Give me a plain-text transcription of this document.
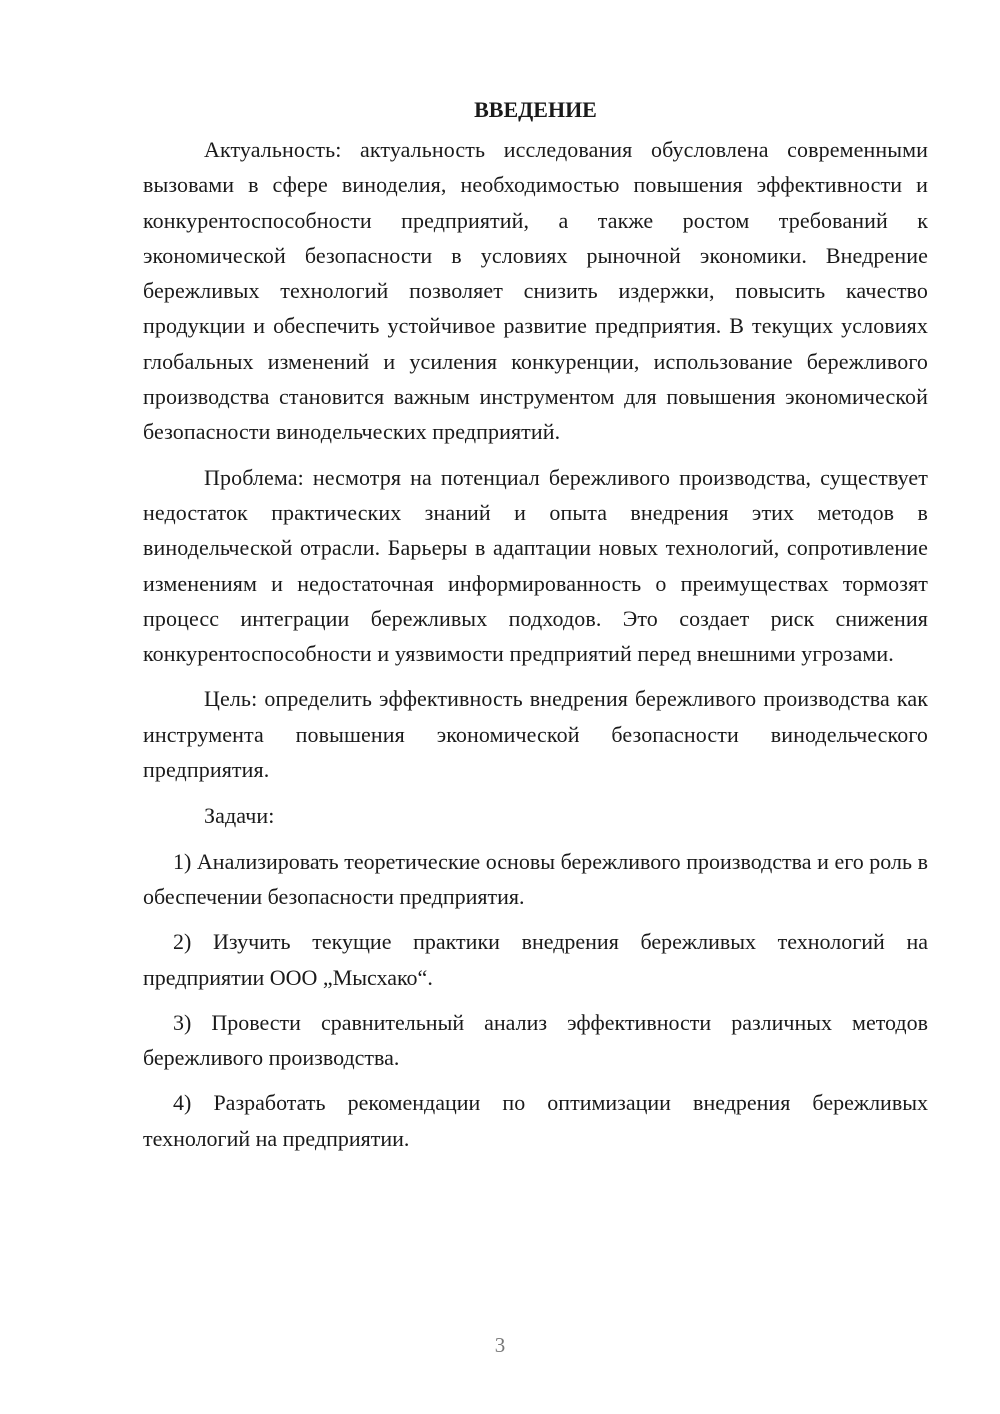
ВВЕДЕНИЕ

Актуальность: актуальность исследования обусловлена современными вызовами в сфере виноделия, необходимостью повышения эффективности и конкурентоспособности предприятий, а также ростом требований к экономической безопасности в условиях рыночной экономики. Внедрение бережливых технологий позволяет снизить издержки, повысить качество продукции и обеспечить устойчивое развитие предприятия. В текущих условиях глобальных изменений и усиления конкуренции, использование бережливого производства становится важным инструментом для повышения экономической безопасности винодельческих предприятий.

Проблема: несмотря на потенциал бережливого производства, существует недостаток практических знаний и опыта внедрения этих методов в винодельческой отрасли. Барьеры в адаптации новых технологий, сопротивление изменениям и недостаточная информированность о преимуществах тормозят процесс интеграции бережливых подходов. Это создает риск снижения конкурентоспособности и уязвимости предприятий перед внешними угрозами.

Цель: определить эффективность внедрения бережливого производства как инструмента повышения экономической безопасности винодельческого предприятия.

Задачи:

1) Анализировать теоретические основы бережливого производства и его роль в обеспечении безопасности предприятия.

2) Изучить текущие практики внедрения бережливых технологий на предприятии ООО „Мысхако“.

3) Провести сравнительный анализ эффективности различных методов бережливого производства.

4) Разработать рекомендации по оптимизации внедрения бережливых технологий на предприятии.

3
